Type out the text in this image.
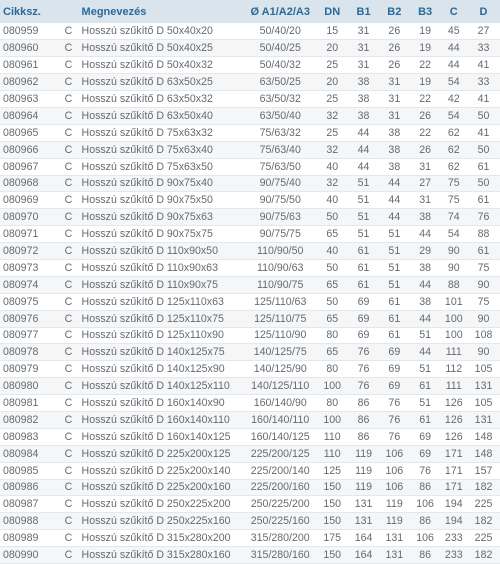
Cikksz.		Megnevezés	Ø A1/A2/A3	DN	B1	B2	B3	C	D
080959	C	Hosszú szűkítő D 50x40x20	50/40/20	15	31	26	19	45	27
080960	C	Hosszú szűkítő D 50x40x25	50/40/25	20	31	26	19	44	33
080961	C	Hosszú szűkítő D 50x40x32	50/40/32	25	31	26	22	44	41
080962	C	Hosszú szűkítő D 63x50x25	63/50/25	20	38	31	19	54	33
080963	C	Hosszú szűkítő D 63x50x32	63/50/32	25	38	31	22	42	41
080964	C	Hosszú szűkítő D 63x50x40	63/50/40	32	38	31	26	54	50
080965	C	Hosszú szűkítő D 75x63x32	75/63/32	25	44	38	22	62	41
080966	C	Hosszú szűkítő D 75x63x40	75/63/40	32	44	38	26	62	50
080967	C	Hosszú szűkítő D 75x63x50	75/63/50	40	44	38	31	62	61
080968	C	Hosszú szűkítő D 90x75x40	90/75/40	32	51	44	27	75	50
080969	C	Hosszú szűkítő D 90x75x50	90/75/50	40	51	44	31	75	61
080970	C	Hosszú szűkítő D 90x75x63	90/75/63	50	51	44	38	74	76
080971	C	Hosszú szűkítő D 90x75x75	90/75/75	65	51	51	44	54	88
080972	C	Hosszú szűkítő D 110x90x50	110/90/50	40	61	51	29	90	61
080973	C	Hosszú szűkítő D 110x90x63	110/90/63	50	61	51	38	90	75
080974	C	Hosszú szűkítő D 110x90x75	110/90/75	65	61	51	44	88	90
080975	C	Hosszú szűkítő D 125x110x63	125/110/63	50	69	61	38	101	75
080976	C	Hosszú szűkítő D 125x110x75	125/110/75	65	69	61	44	100	90
080977	C	Hosszú szűkítő D 125x110x90	125/110/90	80	69	61	51	100	108
080978	C	Hosszú szűkítő D 140x125x75	140/125/75	65	76	69	44	111	90
080979	C	Hosszú szűkítő D 140x125x90	140/125/90	80	76	69	51	112	105
080980	C	Hosszú szűkítő D 140x125x110	140/125/110	100	76	69	61	111	131
080981	C	Hosszú szűkítő D 160x140x90	160/140/90	80	86	76	51	126	105
080982	C	Hosszú szűkítő D 160x140x110	160/140/110	100	86	76	61	126	131
080983	C	Hosszú szűkítő D 160x140x125	160/140/125	110	86	76	69	126	148
080984	C	Hosszú szűkítő D 225x200x125	225/200/125	110	119	106	69	171	148
080985	C	Hosszú szűkítő D 225x200x140	225/200/140	125	119	106	76	171	157
080986	C	Hosszú szűkítő D 225x200x160	225/200/160	150	119	106	86	171	182
080987	C	Hosszú szűkítő D 250x225x200	250/225/200	150	131	119	106	194	225
080988	C	Hosszú szűkítő D 250x225x160	250/225/160	150	131	119	86	194	182
080989	C	Hosszú szűkítő D 315x280x200	315/280/200	175	164	131	106	233	225
080990	C	Hosszú szűkítő D 315x280x160	315/280/160	150	164	131	86	233	182
